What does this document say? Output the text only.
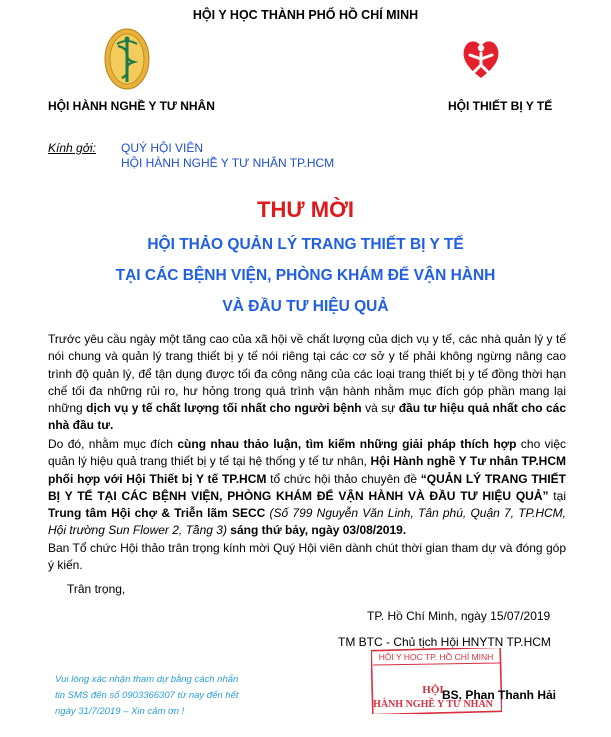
HỘI Y HỌC THÀNH PHỐ HỒ CHÍ MINH
HỘI HÀNH NGHỀ Y TƯ NHÂN	HỘI THIẾT BỊ Y TẾ
Kính gởi: QUÝ HỘI VIÊN
HỘI HÀNH NGHỀ Y TƯ NHÂN TP.HCM
THƯ MỜI
HỘI THẢO QUẢN LÝ TRANG THIẾT BỊ Y TẾ
TẠI CÁC BỆNH VIỆN, PHÒNG KHÁM ĐỂ VẬN HÀNH
VÀ ĐẦU TƯ HIỆU QUẢ
Trước yêu cầu ngày một tăng cao của xã hội về chất lượng của dịch vụ y tế, các nhà quản lý y tế nói chung và quản lý trang thiết bị y tế nói riêng tại các cơ sở y tế phải không ngừng nâng cao trình độ quản lý, để tận dụng được tối đa công năng của các loại trang thiết bị y tế đồng thời hạn chế tối đa những rủi ro, hư hỏng trong quá trình vận hành nhằm mục đích góp phần mang lại những dịch vụ y tế chất lượng tối nhất cho người bệnh và sự đầu tư hiệu quả nhất cho các nhà đầu tư.
Do đó, nhằm mục đích cùng nhau thảo luận, tìm kiếm những giải pháp thích hợp cho việc quản lý hiệu quả trang thiết bị y tế tại hệ thống y tế tư nhân, Hội Hành nghề Y Tư nhân TP.HCM phối hợp với Hội Thiết bị Y tế TP.HCM tổ chức hội thảo chuyên đề “QUẢN LÝ TRANG THIẾT BỊ Y TẾ TẠI CÁC BỆNH VIỆN, PHÒNG KHÁM ĐỂ VẬN HÀNH VÀ ĐẦU TƯ HIỆU QUẢ” tại Trung tâm Hội chợ & Triễn lãm SECC (Số 799 Nguyễn Văn Linh, Tân phú, Quận 7, TP.HCM, Hội trường Sun Flower 2, Tầng 3) sáng thứ bảy, ngày 03/08/2019.
Ban Tổ chức Hội thảo trân trọng kính mời Quý Hội viên dành chút thời gian tham dự và đóng góp ý kiến.
Trân trọng,
TP. Hồ Chí Minh, ngày 15/07/2019
TM BTC - Chủ tịch Hội HNYTN TP.HCM
HỘI Y HỌC TP. HỒ CHÍ MINH
HỘI
HÀNH NGHỀ Y TƯ NHÂN
BS. Phan Thanh Hải
Vui lòng xác nhận tham dự bằng cách nhắn
tin SMS đến số 0903366307 từ nay đến hết
ngày 31/7/2019 – Xin cảm ơn !
